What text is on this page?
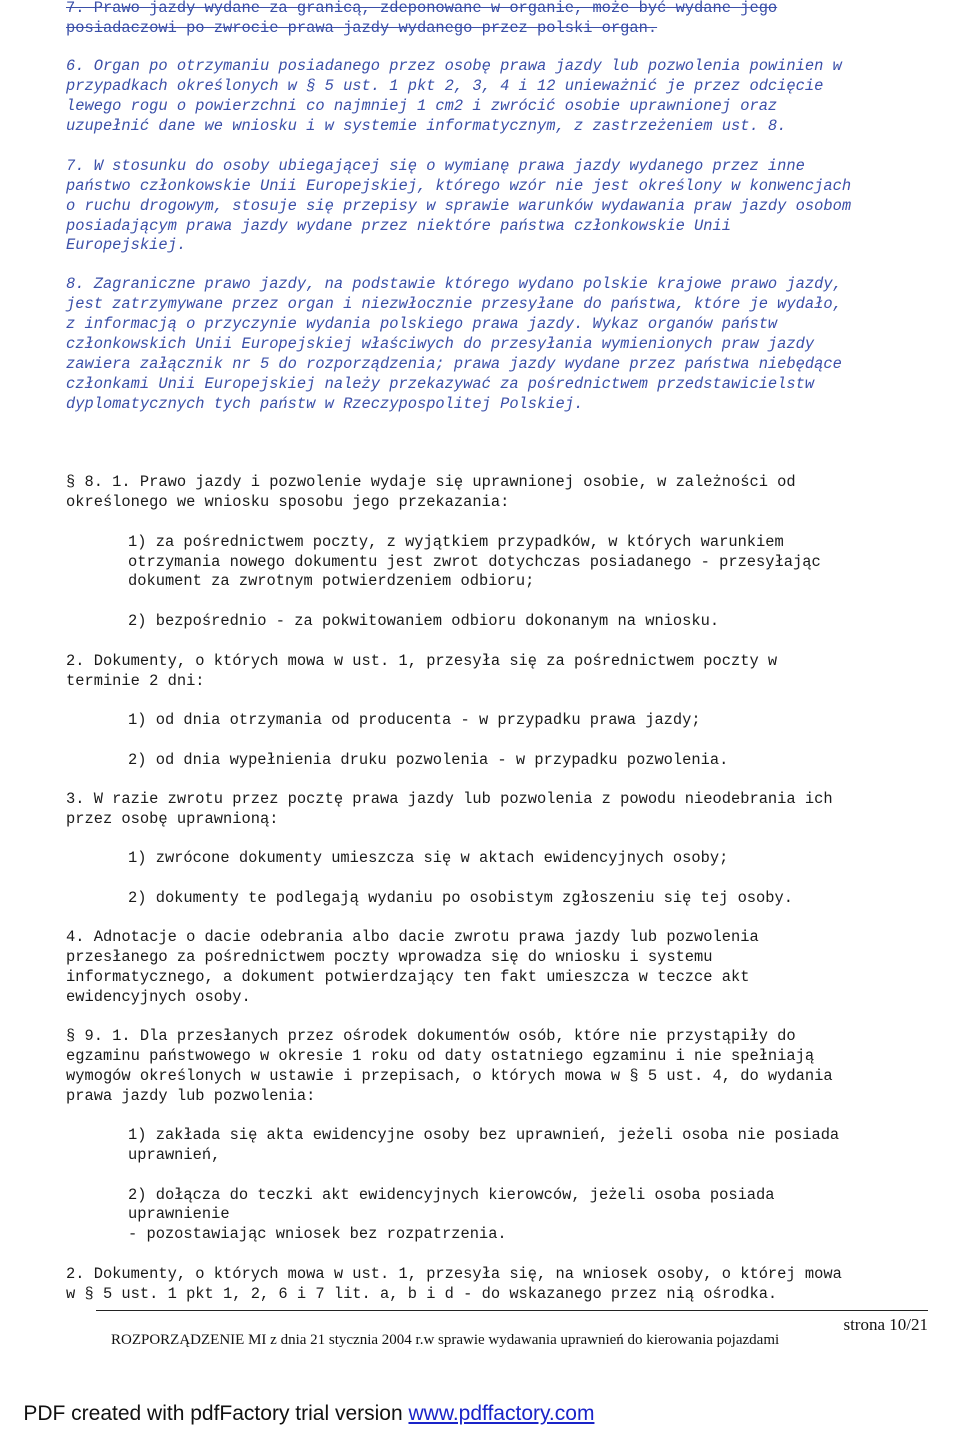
7. Prawo jazdy wydane za granicą, zdeponowane w organie, może być wydane jego
posiadaczowi po zwrocie prawa jazdy wydanego przez polski organ.
6. Organ po otrzymaniu posiadanego przez osobę prawa jazdy lub pozwolenia powinien w
przypadkach określonych w § 5 ust. 1 pkt 2, 3, 4 i 12 unieważnić je przez odcięcie
lewego rogu o powierzchni co najmniej 1 cm2 i zwrócić osobie uprawnionej oraz
uzupełnić dane we wniosku i w systemie informatycznym, z zastrzeżeniem ust. 8.
7. W stosunku do osoby ubiegającej się o wymianę prawa jazdy wydanego przez inne
państwo członkowskie Unii Europejskiej, którego wzór nie jest określony w konwencjach
o ruchu drogowym, stosuje się przepisy w sprawie warunków wydawania praw jazdy osobom
posiadającym prawa jazdy wydane przez niektóre państwa członkowskie Unii
Europejskiej.
8. Zagraniczne prawo jazdy, na podstawie którego wydano polskie krajowe prawo jazdy,
jest zatrzymywane przez organ i niezwłocznie przesyłane do państwa, które je wydało,
z informacją o przyczynie wydania polskiego prawa jazdy. Wykaz organów państw
członkowskich Unii Europejskiej właściwych do przesyłania wymienionych praw jazdy
zawiera załącznik nr 5 do rozporządzenia; prawa jazdy wydane przez państwa niebędące
członkami Unii Europejskiej należy przekazywać za pośrednictwem przedstawicielstw
dyplomatycznych tych państw w Rzeczypospolitej Polskiej.
§ 8. 1. Prawo jazdy i pozwolenie wydaje się uprawnionej osobie, w zależności od
określonego we wniosku sposobu jego przekazania:
1) za pośrednictwem poczty, z wyjątkiem przypadków, w których warunkiem
otrzymania nowego dokumentu jest zwrot dotychczas posiadanego - przesyłając
dokument za zwrotnym potwierdzeniem odbioru;
2) bezpośrednio - za pokwitowaniem odbioru dokonanym na wniosku.
2. Dokumenty, o których mowa w ust. 1, przesyła się za pośrednictwem poczty w
terminie 2 dni:
1) od dnia otrzymania od producenta - w przypadku prawa jazdy;
2) od dnia wypełnienia druku pozwolenia - w przypadku pozwolenia.
3. W razie zwrotu przez pocztę prawa jazdy lub pozwolenia z powodu nieodebrania ich
przez osobę uprawnioną:
1) zwrócone dokumenty umieszcza się w aktach ewidencyjnych osoby;
2) dokumenty te podlegają wydaniu po osobistym zgłoszeniu się tej osoby.
4. Adnotacje o dacie odebrania albo dacie zwrotu prawa jazdy lub pozwolenia
przesłanego za pośrednictwem poczty wprowadza się do wniosku i systemu
informatycznego, a dokument potwierdzający ten fakt umieszcza w teczce akt
ewidencyjnych osoby.
§ 9. 1. Dla przesłanych przez ośrodek dokumentów osób, które nie przystąpiły do
egzaminu państwowego w okresie 1 roku od daty ostatniego egzaminu i nie spełniają
wymogów określonych w ustawie i przepisach, o których mowa w § 5 ust. 4, do wydania
prawa jazdy lub pozwolenia:
1) zakłada się akta ewidencyjne osoby bez uprawnień, jeżeli osoba nie posiada
uprawnień,
2) dołącza do teczki akt ewidencyjnych kierowców, jeżeli osoba posiada
uprawnienie
- pozostawiając wniosek bez rozpatrzenia.
2. Dokumenty, o których mowa w ust. 1, przesyła się, na wniosek osoby, o której mowa
w § 5 ust. 1 pkt 1, 2, 6 i 7 lit. a, b i d - do wskazanego przez nią ośrodka.

ROZPORZĄDZENIE MI z dnia 21 stycznia 2004 r.w sprawie wydawania uprawnień do kierowania pojazdami

strona 10/21

PDF created with pdfFactory trial version www.pdffactory.com
